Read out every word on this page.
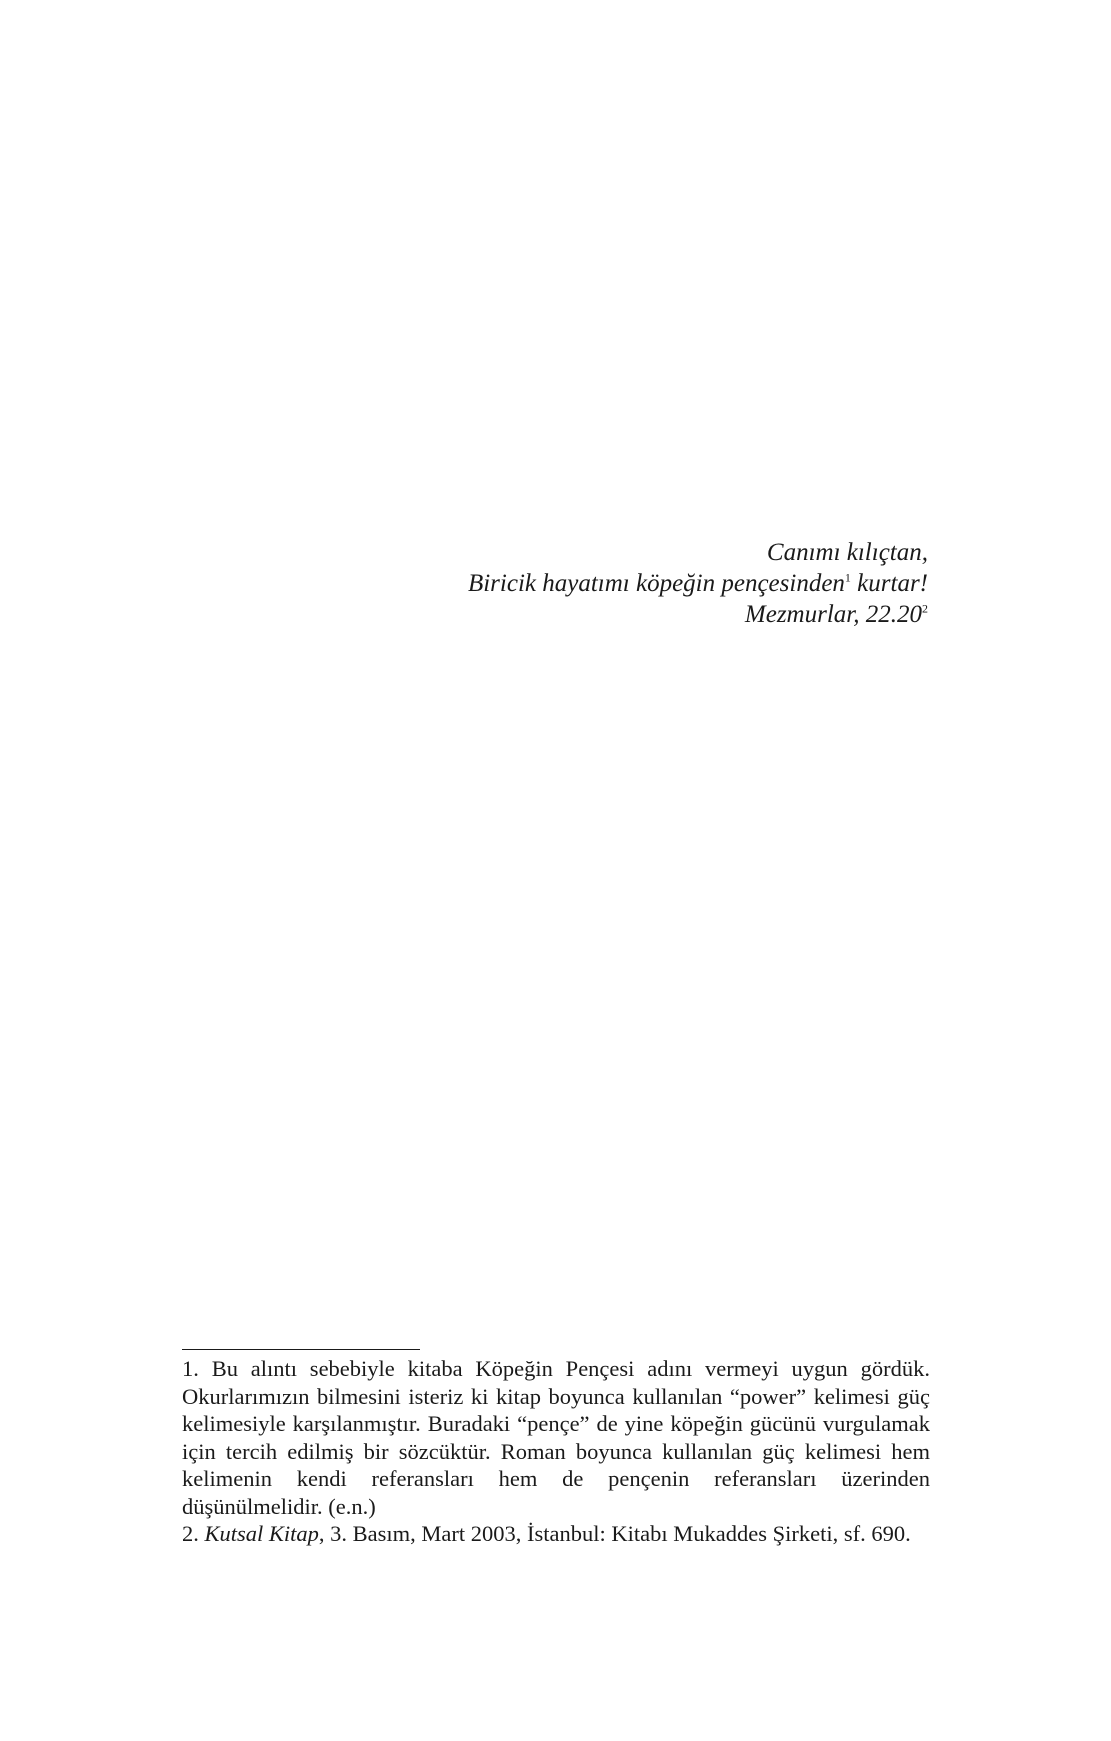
Canımı kılıçtan,
Biricik hayatımı köpeğin pençesinden$^1$ kurtar!
Mezmurlar, 22.20$^2$

1. Bu alıntı sebebiyle kitaba Köpeğin Pençesi adını vermeyi uygun gördük. Okurlarımızın bilmesini isteriz ki kitap boyunca kullanılan “power” kelimesi güç kelimesiyle karşılanmıştır. Buradaki “pençe” de yine köpeğin gücünü vurgulamak için tercih edilmiş bir sözcüktür. Roman boyunca kullanılan güç kelimesi hem kelimenin kendi referansları hem de pençenin referansları üzerinden düşünülmelidir. (e.n.)

2. Kutsal Kitap, 3. Basım, Mart 2003, İstanbul: Kitabı Mukaddes Şirketi, sf. 690.
